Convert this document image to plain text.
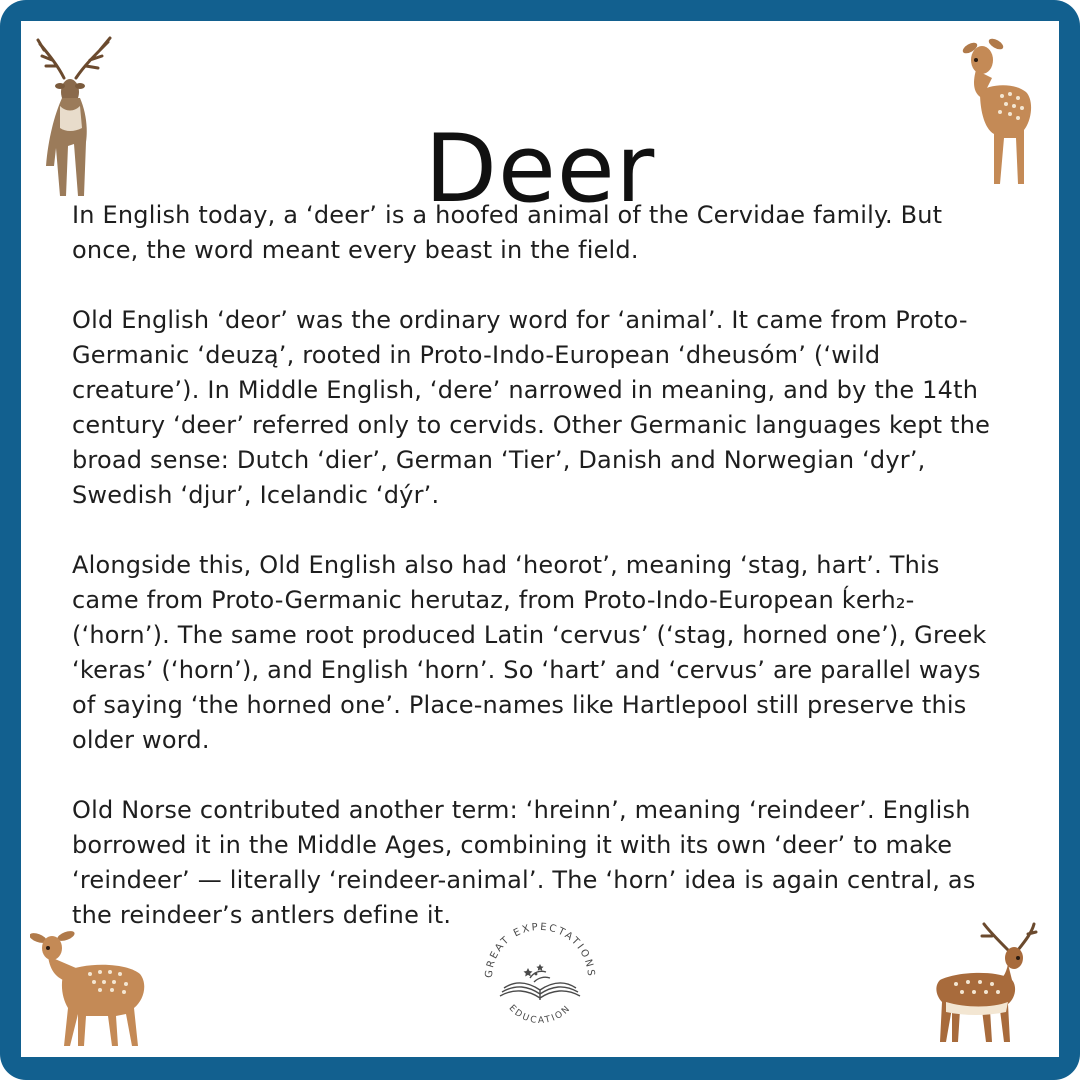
Deer

In English today, a ‘deer’ is a hoofed animal of the Cervidae family. But once, the word meant every beast in the field.

Old English ‘deor’ was the ordinary word for ‘animal’. It came from Proto-Germanic ‘deuzą’, rooted in Proto-Indo-European ‘dheusóm’ (‘wild creature’). In Middle English, ‘dere’ narrowed in meaning, and by the 14th century ‘deer’ referred only to cervids. Other Germanic languages kept the broad sense: Dutch ‘dier’, German ‘Tier’, Danish and Norwegian ‘dyr’, Swedish ‘djur’, Icelandic ‘dýr’.

Alongside this, Old English also had ‘heorot’, meaning ‘stag, hart’. This came from Proto-Germanic herutaz, from Proto-Indo-European ḱerh₂- (‘horn’). The same root produced Latin ‘cervus’ (‘stag, horned one’), Greek ‘keras’ (‘horn’), and English ‘horn’. So ‘hart’ and ‘cervus’ are parallel ways of saying ‘the horned one’. Place-names like Hartlepool still preserve this older word.

Old Norse contributed another term: ‘hreinn’, meaning ‘reindeer’. English borrowed it in the Middle Ages, combining it with its own ‘deer’ to make ‘reindeer’ — literally ‘reindeer-animal’. The ‘horn’ idea is again central, as the reindeer’s antlers define it.

GREAT EXPECTATIONS
EDUCATION
